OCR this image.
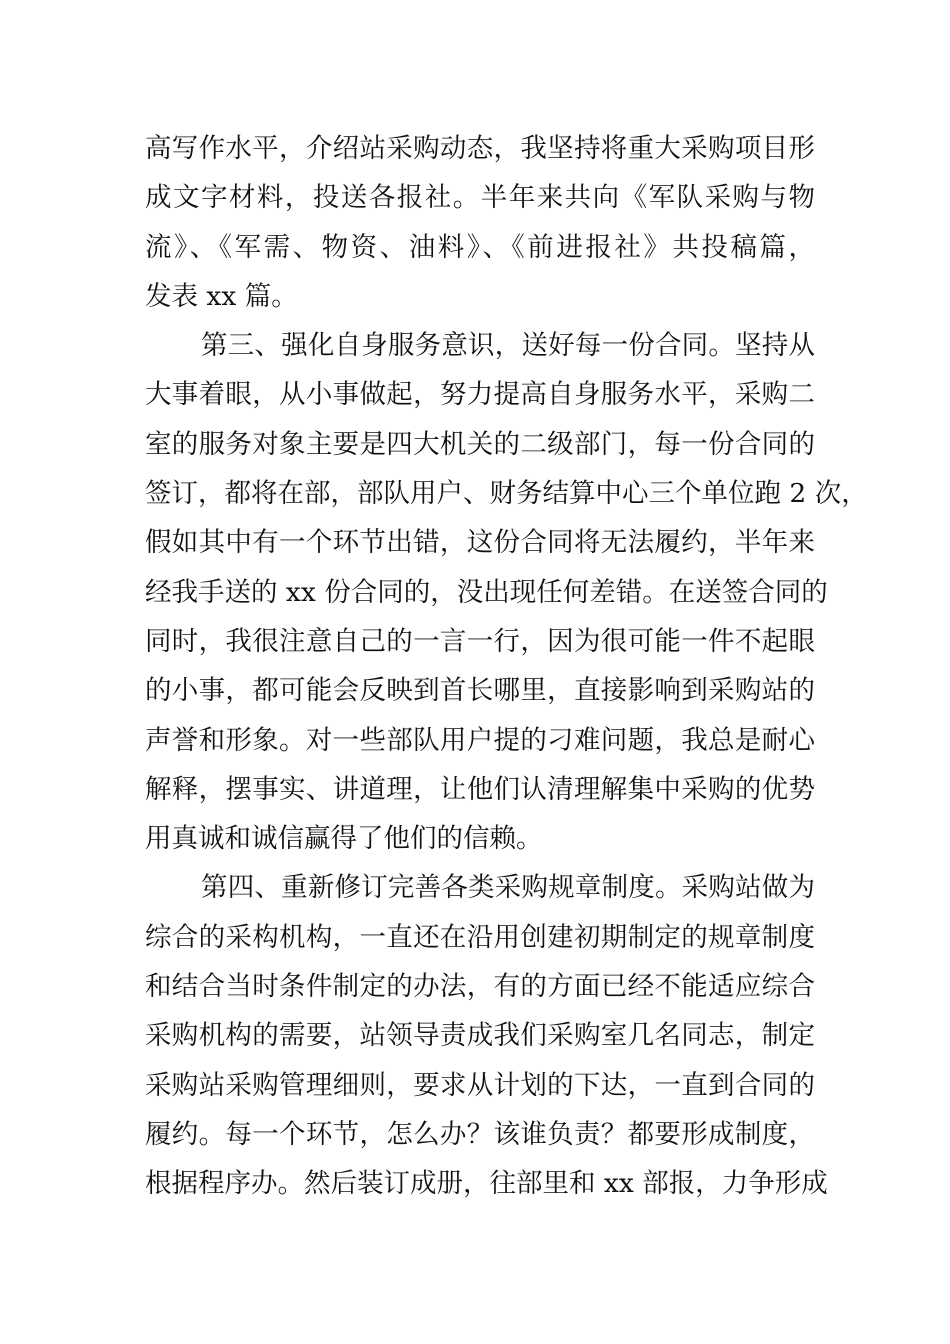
高写作水平，介绍站采购动态，我坚持将重大采购项目形
成文字材料，投送各报社。半年来共向《军队采购与物
流》、《军需、物资、油料》、《前进报社》共投稿篇，
发表 xx 篇。
第三、强化自身服务意识，送好每一份合同。坚持从
大事着眼，从小事做起，努力提高自身服务水平，采购二
室的服务对象主要是四大机关的二级部门，每一份合同的
签订，都将在部，部队用户、财务结算中心三个单位跑 2 次，
假如其中有一个环节出错，这份合同将无法履约，半年来
经我手送的 xx 份合同的，没出现任何差错。在送签合同的
同时，我很注意自己的一言一行，因为很可能一件不起眼
的小事，都可能会反映到首长哪里，直接影响到采购站的
声誉和形象。对一些部队用户提的刁难问题，我总是耐心
解释，摆事实、讲道理，让他们认清理解集中采购的优势
用真诚和诚信赢得了他们的信赖。
第四、重新修订完善各类采购规章制度。采购站做为
综合的采构机构，一直还在沿用创建初期制定的规章制度
和结合当时条件制定的办法，有的方面已经不能适应综合
采购机构的需要，站领导责成我们采购室几名同志，制定
采购站采购管理细则，要求从计划的下达，一直到合同的
履约。每一个环节，怎么办？该谁负责？都要形成制度，
根据程序办。然后装订成册，往部里和 xx 部报，力争形成
